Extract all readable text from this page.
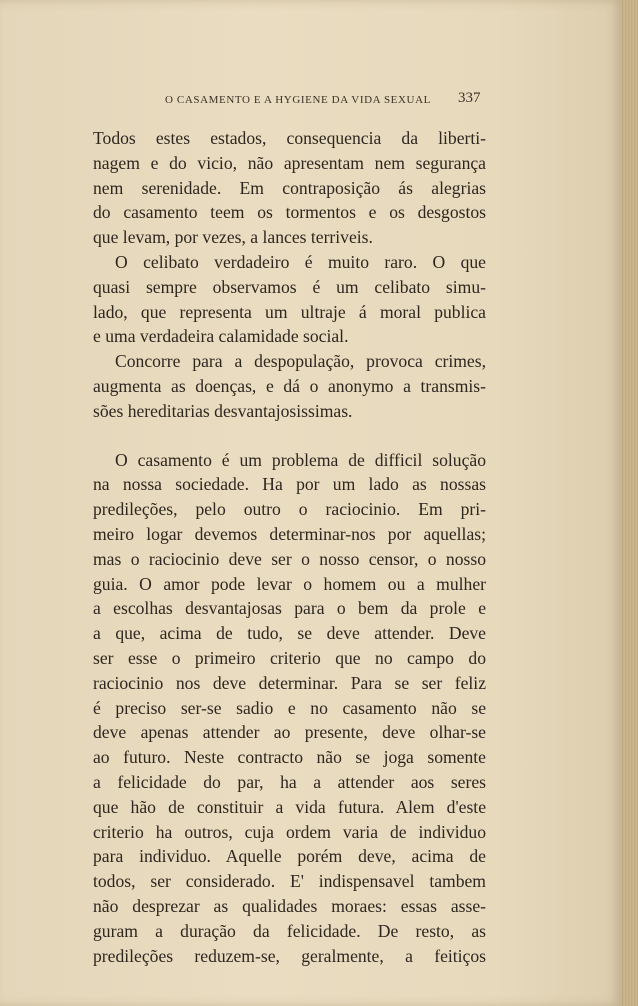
O CASAMENTO E A HYGIENE DA VIDA SEXUAL	337
Todos estes estados, consequencia da liberti-
nagem e do vicio, não apresentam nem segurança
nem serenidade. Em contraposição ás alegrias
do casamento teem os tormentos e os desgostos
que levam, por vezes, a lances terriveis.
O celibato verdadeiro é muito raro. O que
quasi sempre observamos é um celibato simu-
lado, que representa um ultraje á moral publica
e uma verdadeira calamidade social.
Concorre para a despopulação, provoca crimes,
augmenta as doenças, e dá o anonymo a transmis-
sões hereditarias desvantajosissimas.
O casamento é um problema de difficil solução
na nossa sociedade. Ha por um lado as nossas
predileções, pelo outro o raciocinio. Em pri-
meiro logar devemos determinar-nos por aquellas;
mas o raciocinio deve ser o nosso censor, o nosso
guia. O amor pode levar o homem ou a mulher
a escolhas desvantajosas para o bem da prole e
a que, acima de tudo, se deve attender. Deve
ser esse o primeiro criterio que no campo do
raciocinio nos deve determinar. Para se ser feliz
é preciso ser-se sadio e no casamento não se
deve apenas attender ao presente, deve olhar-se
ao futuro. Neste contracto não se joga somente
a felicidade do par, ha a attender aos seres
que hão de constituir a vida futura. Alem d'este
criterio ha outros, cuja ordem varia de individuo
para individuo. Aquelle porém deve, acima de
todos, ser considerado. E' indispensavel tambem
não desprezar as qualidades moraes: essas asse-
guram a duração da felicidade. De resto, as
predileções reduzem-se, geralmente, a feitiços
